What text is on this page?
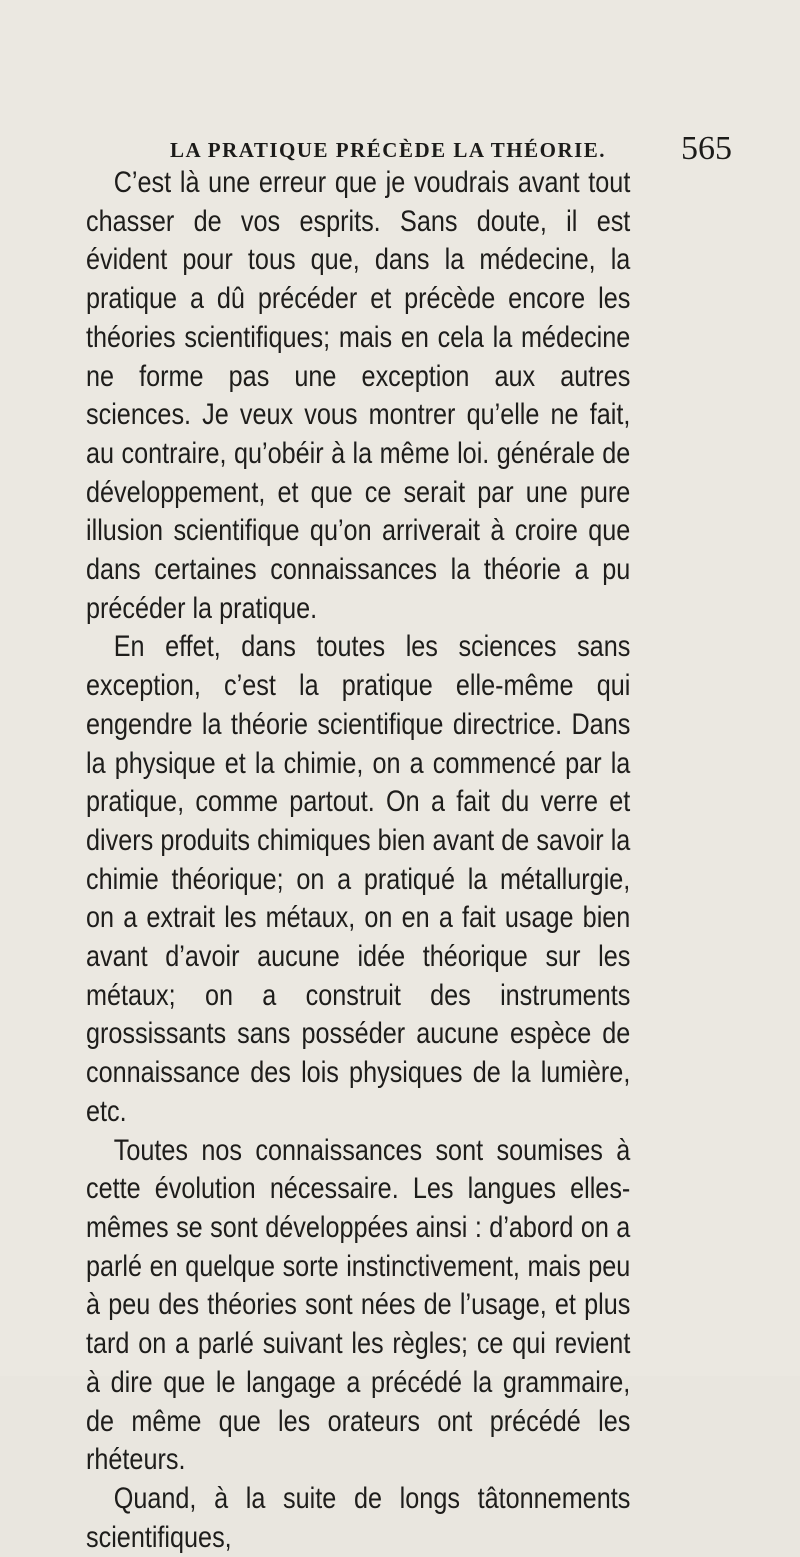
LA PRATIQUE PRÉCÈDE LA THÉORIE. 565

C’est là une erreur que je voudrais avant tout chasser de vos esprits. Sans doute, il est évident pour tous que, dans la médecine, la pratique a dû précéder et précède encore les théories scientifiques; mais en cela la médecine ne forme pas une exception aux autres sciences. Je veux vous montrer qu’elle ne fait, au contraire, qu’obéir à la même loi. générale de développement, et que ce serait par une pure illusion scientifique qu’on arriverait à croire que dans certaines connaissances la théorie a pu précéder la pratique.

En effet, dans toutes les sciences sans exception, c’est la pratique elle-même qui engendre la théorie scientifique directrice. Dans la physique et la chimie, on a commencé par la pratique, comme partout. On a fait du verre et divers produits chimiques bien avant de savoir la chimie théorique; on a pratiqué la métallurgie, on a extrait les métaux, on en a fait usage bien avant d’avoir aucune idée théorique sur les métaux; on a construit des instruments grossissants sans posséder aucune espèce de connaissance des lois physiques de la lumière, etc.

Toutes nos connaissances sont soumises à cette évolution nécessaire. Les langues elles-mêmes se sont développées ainsi : d’abord on a parlé en quelque sorte instinctivement, mais peu à peu des théories sont nées de l’usage, et plus tard on a parlé suivant les règles; ce qui revient à dire que le langage a précédé la grammaire, de même que les orateurs ont précédé les rhéteurs.

Quand, à la suite de longs tâtonnements scientifiques,
